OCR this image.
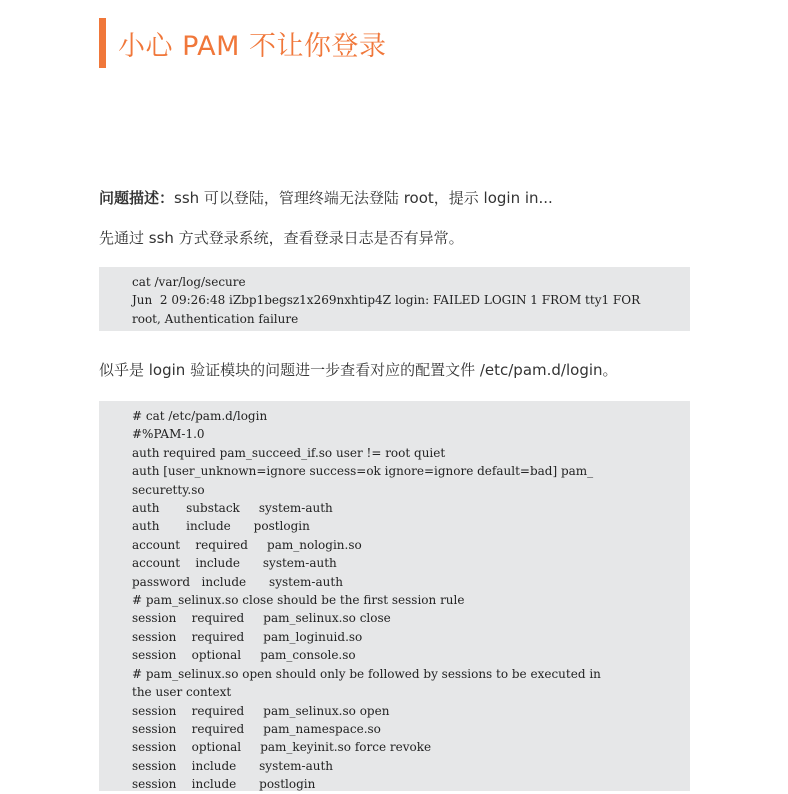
小心 PAM 不让你登录
问题描述：ssh 可以登陆，管理终端无法登陆 root，提示 login in...
先通过 ssh 方式登录系统，查看登录日志是否有异常。
cat /var/log/secure
Jun  2 09:26:48 iZbp1begsz1x269nxhtip4Z login: FAILED LOGIN 1 FROM tty1 FOR
root, Authentication failure
似乎是 login 验证模块的问题进一步查看对应的配置文件 /etc/pam.d/login。
# cat /etc/pam.d/login
#%PAM-1.0
auth required pam_succeed_if.so user != root quiet
auth [user_unknown=ignore success=ok ignore=ignore default=bad] pam_
securetty.so
auth       substack     system-auth
auth       include      postlogin
account    required     pam_nologin.so
account    include      system-auth
password   include      system-auth
# pam_selinux.so close should be the first session rule
session    required     pam_selinux.so close
session    required     pam_loginuid.so
session    optional     pam_console.so
# pam_selinux.so open should only be followed by sessions to be executed in
the user context
session    required     pam_selinux.so open
session    required     pam_namespace.so
session    optional     pam_keyinit.so force revoke
session    include      system-auth
session    include      postlogin
